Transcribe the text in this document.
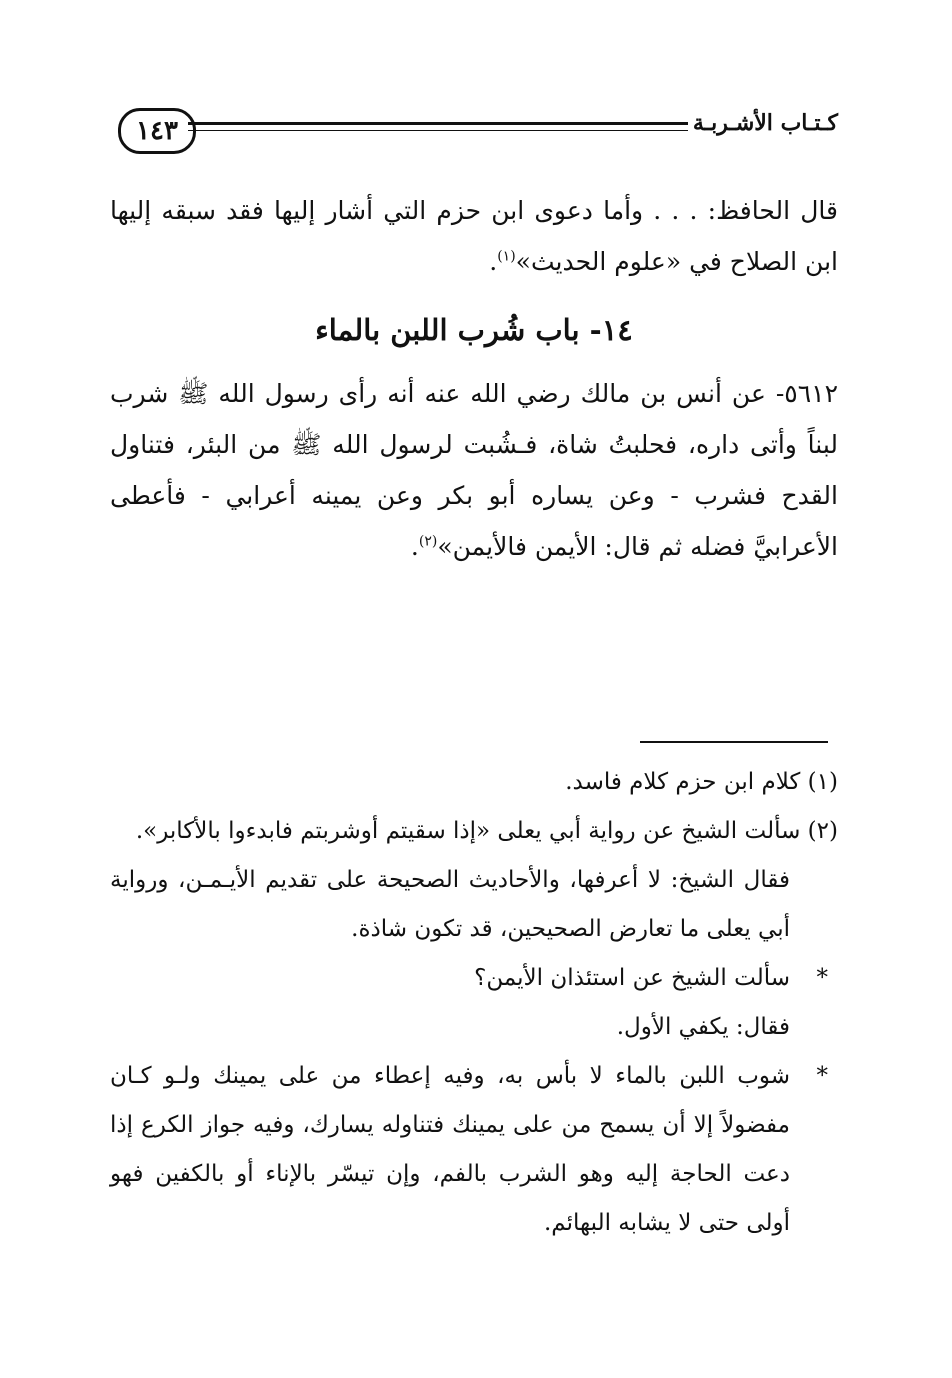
١٤٣	كـتـاب الأشـربـة

قال الحافظ: . . . وأما دعوى ابن حزم التي أشار إليها فقد سبقه إليها ابن الصلاح في «علوم الحديث»$^{(١)}$.

١٤- باب شُرب اللبن بالماء

٥٦١٢- عن أنس بن مالك رضي الله عنه أنه رأى رسول الله ﷺ شرب لبناً وأتى داره، فحلبتُ شاة، فـشُبت لرسول الله ﷺ من البئر، فتناول القدح فشرب - وعن يساره أبو بكر وعن يمينه أعرابي - فأعطى الأعرابيَّ فضله ثم قال: الأيمن فالأيمن»$^{(٢)}$.

(١) كلام ابن حزم كلام فاسد.

(٢) سألت الشيخ عن رواية أبي يعلى «إذا سقيتم أوشربتم فابدءوا بالأكابر».

فقال الشيخ: لا أعرفها، والأحاديث الصحيحة على تقديم الأيـمـن، ورواية أبي يعلى ما تعارض الصحيحين، قد تكون شاذة.

*
سألت الشيخ عن استئذان الأيمن؟

فقال: يكفي الأول.

*
شوب اللبن بالماء لا بأس به، وفيه إعطاء من على يمينك ولـو كـان مفضولاً إلا أن يسمح من على يمينك فتناوله يسارك، وفيه جواز الكرع إذا دعت الحاجة إليه وهو الشرب بالفم، وإن تيسّر بالإناء أو بالكفين فهو أولى حتى لا يشابه البهائم.
